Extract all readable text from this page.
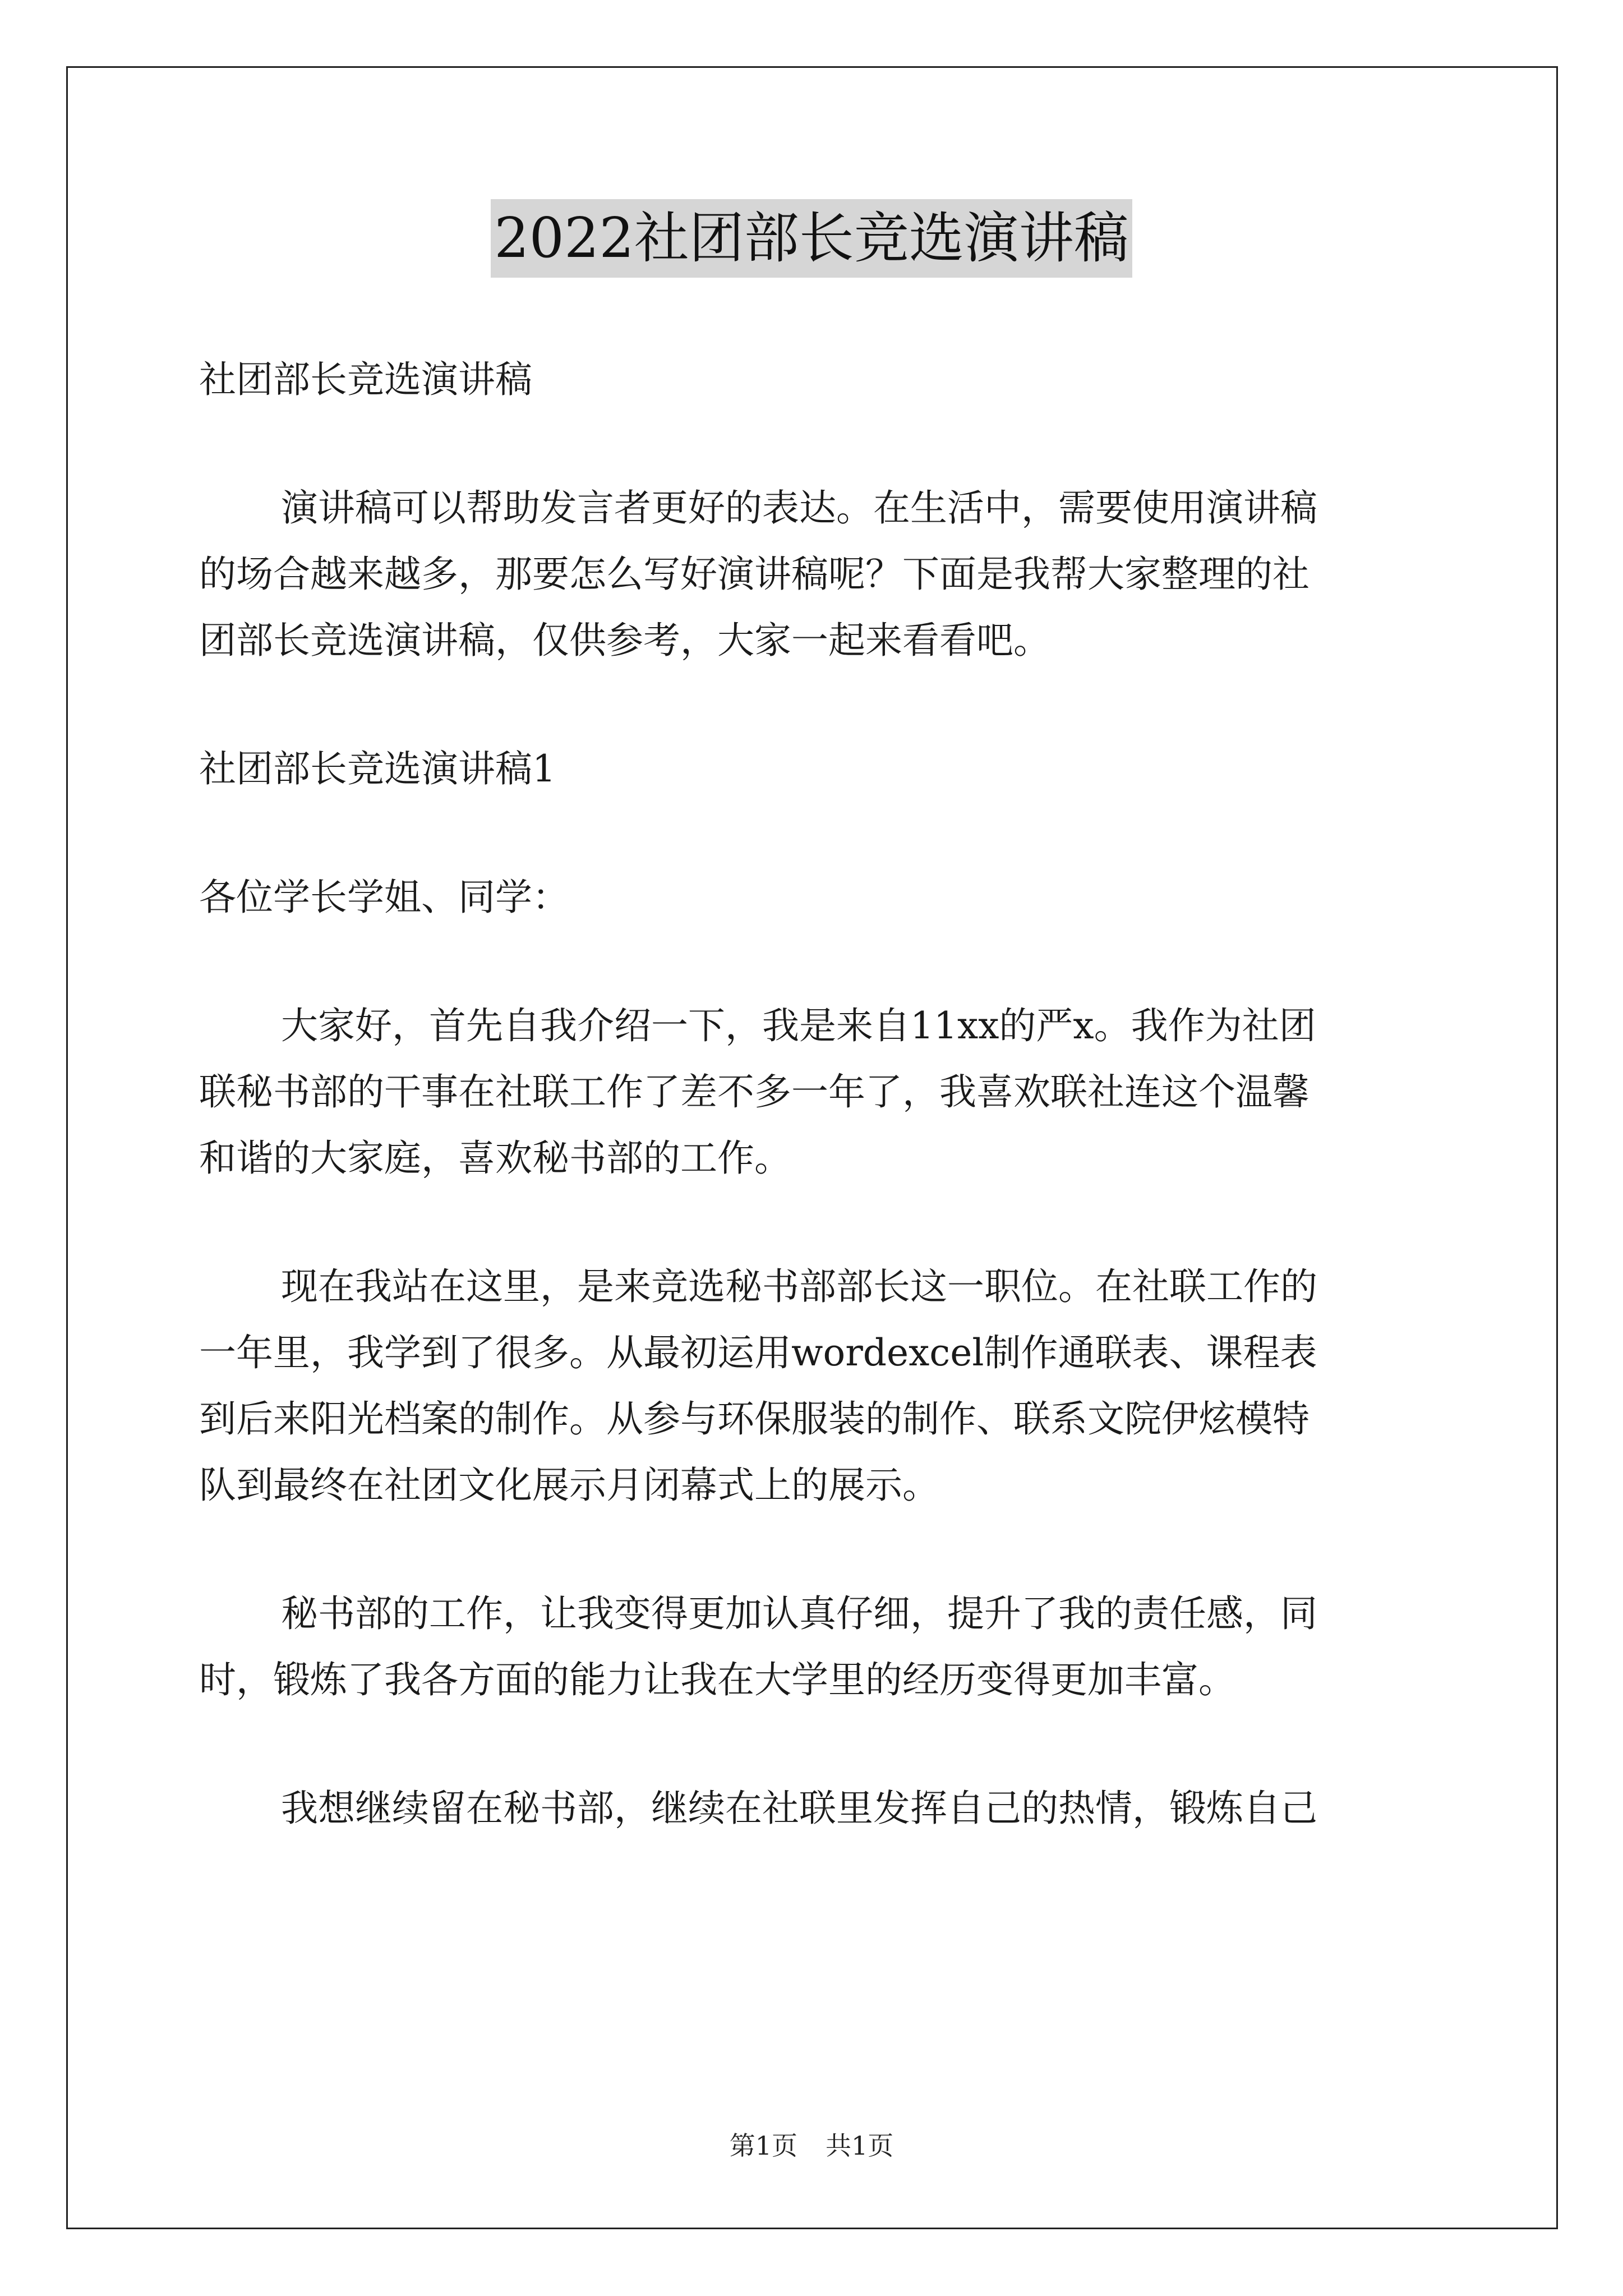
2022社团部长竞选演讲稿

社团部长竞选演讲稿

演讲稿可以帮助发言者更好的表达。在生活中，需要使用演讲稿

的场合越来越多，那要怎么写好演讲稿呢？下面是我帮大家整理的社

团部长竞选演讲稿，仅供参考，大家一起来看看吧。

社团部长竞选演讲稿1

各位学长学姐、同学：

大家好，首先自我介绍一下，我是来自11xx的严x。我作为社团

联秘书部的干事在社联工作了差不多一年了，我喜欢联社连这个温馨

和谐的大家庭，喜欢秘书部的工作。

现在我站在这里，是来竞选秘书部部长这一职位。在社联工作的

一年里，我学到了很多。从最初运用wordexcel制作通联表、课程表

到后来阳光档案的制作。从参与环保服装的制作、联系文院伊炫模特

队到最终在社团文化展示月闭幕式上的展示。

秘书部的工作，让我变得更加认真仔细，提升了我的责任感，同

时，锻炼了我各方面的能力让我在大学里的经历变得更加丰富。

我想继续留在秘书部，继续在社联里发挥自己的热情，锻炼自己

第1页 共1页
